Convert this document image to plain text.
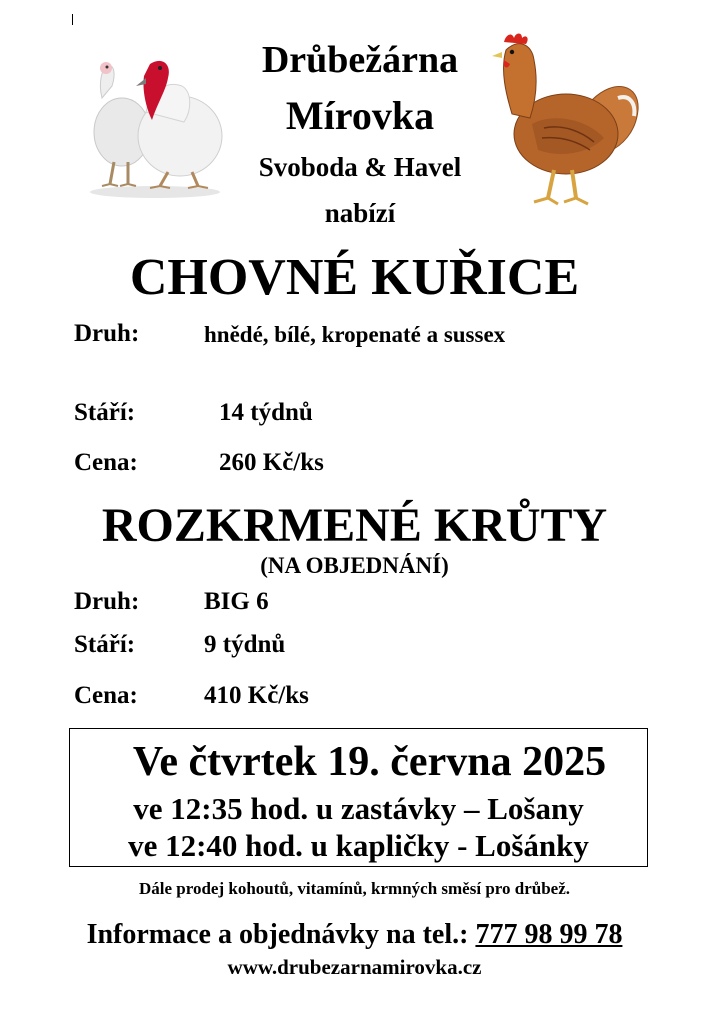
Drůbežárna
Mírovka
Svoboda & Havel
nabízí
CHOVNÉ KUŘICE
Druh:	hnědé, bílé, kropenaté a sussex
Stáří:	14 týdnů
Cena:	260 Kč/ks
ROZKRMENÉ KRŮTY
(NA OBJEDNÁNÍ)
Druh:	BIG 6
Stáří:	9 týdnů
Cena:	410 Kč/ks
Ve čtvrtek 19. června 2025
ve 12:35 hod. u zastávky – Lošany
ve 12:40 hod. u kapličky - Lošánky
Dále prodej kohoutů, vitamínů, krmných směsí pro drůbež.
Informace a objednávky na tel.: 777 98 99 78
www.drubezarnamirovka.cz
